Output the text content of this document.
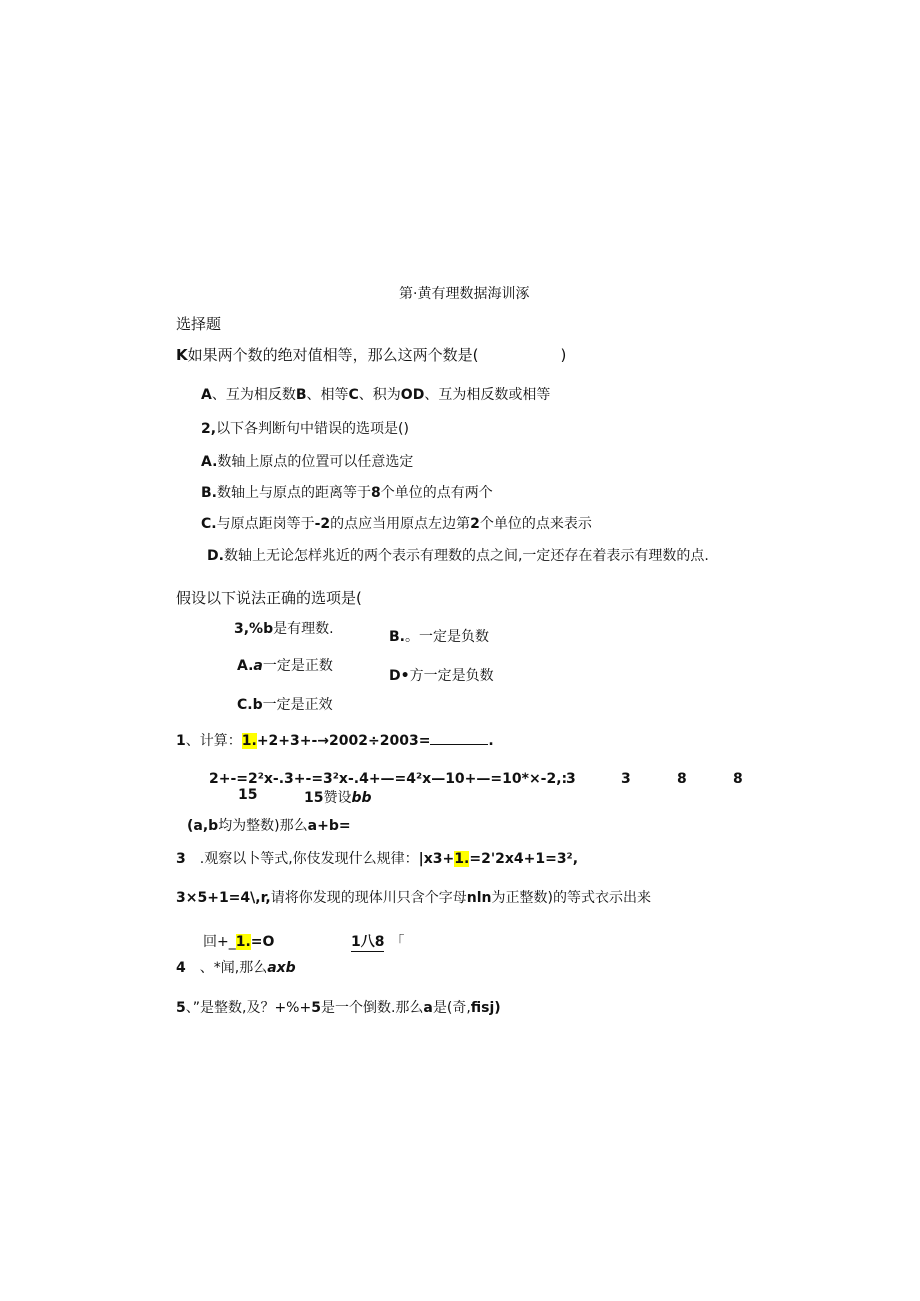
第·黄有理数据海训涿
选择题
K如果两个数的绝对值相等，那么这两个数是(	)
A、互为相反数B、相等C、积为OD、互为相反数或相等
2,以下各判断句中错误的选项是()
A.数轴上原点的位置可以任意选定
B.数轴上与原点的距离等于8个单位的点有两个
C.与原点距岗等于-2的点应当用原点左边第2个单位的点来表示
D.数轴上无论怎样兆近的两个表示有理数的点之间,一定还存在着表示有理数的点.
假设以下说法正确的选项是(
3,%b是有理数.	B.。一定是负数
A.a一定是正数
D•方一定是负数
C.b一定是正效
1、计算：1.+2+3+-→2002÷2003=	.
2+-=2²x-.3+-=3²x-.4+—=4²x—10+—=10*×-2,:
3	3	8	8
15	15赞设bb
(a,b均为整数)那么a+b=
3 .观察以卜等式,你伎发现什么规律：|x3+1.=2'2x4+1=3²,
3×5+1=4\,r,请将你发现的现体川只含个字母nln为正整数)的等式衣示出来
回+_1.=O	1八8 「
4 、*闻,那么axb
5、”是整数,及？+%+5是一个倒数.那么a是(奇,fisj)
